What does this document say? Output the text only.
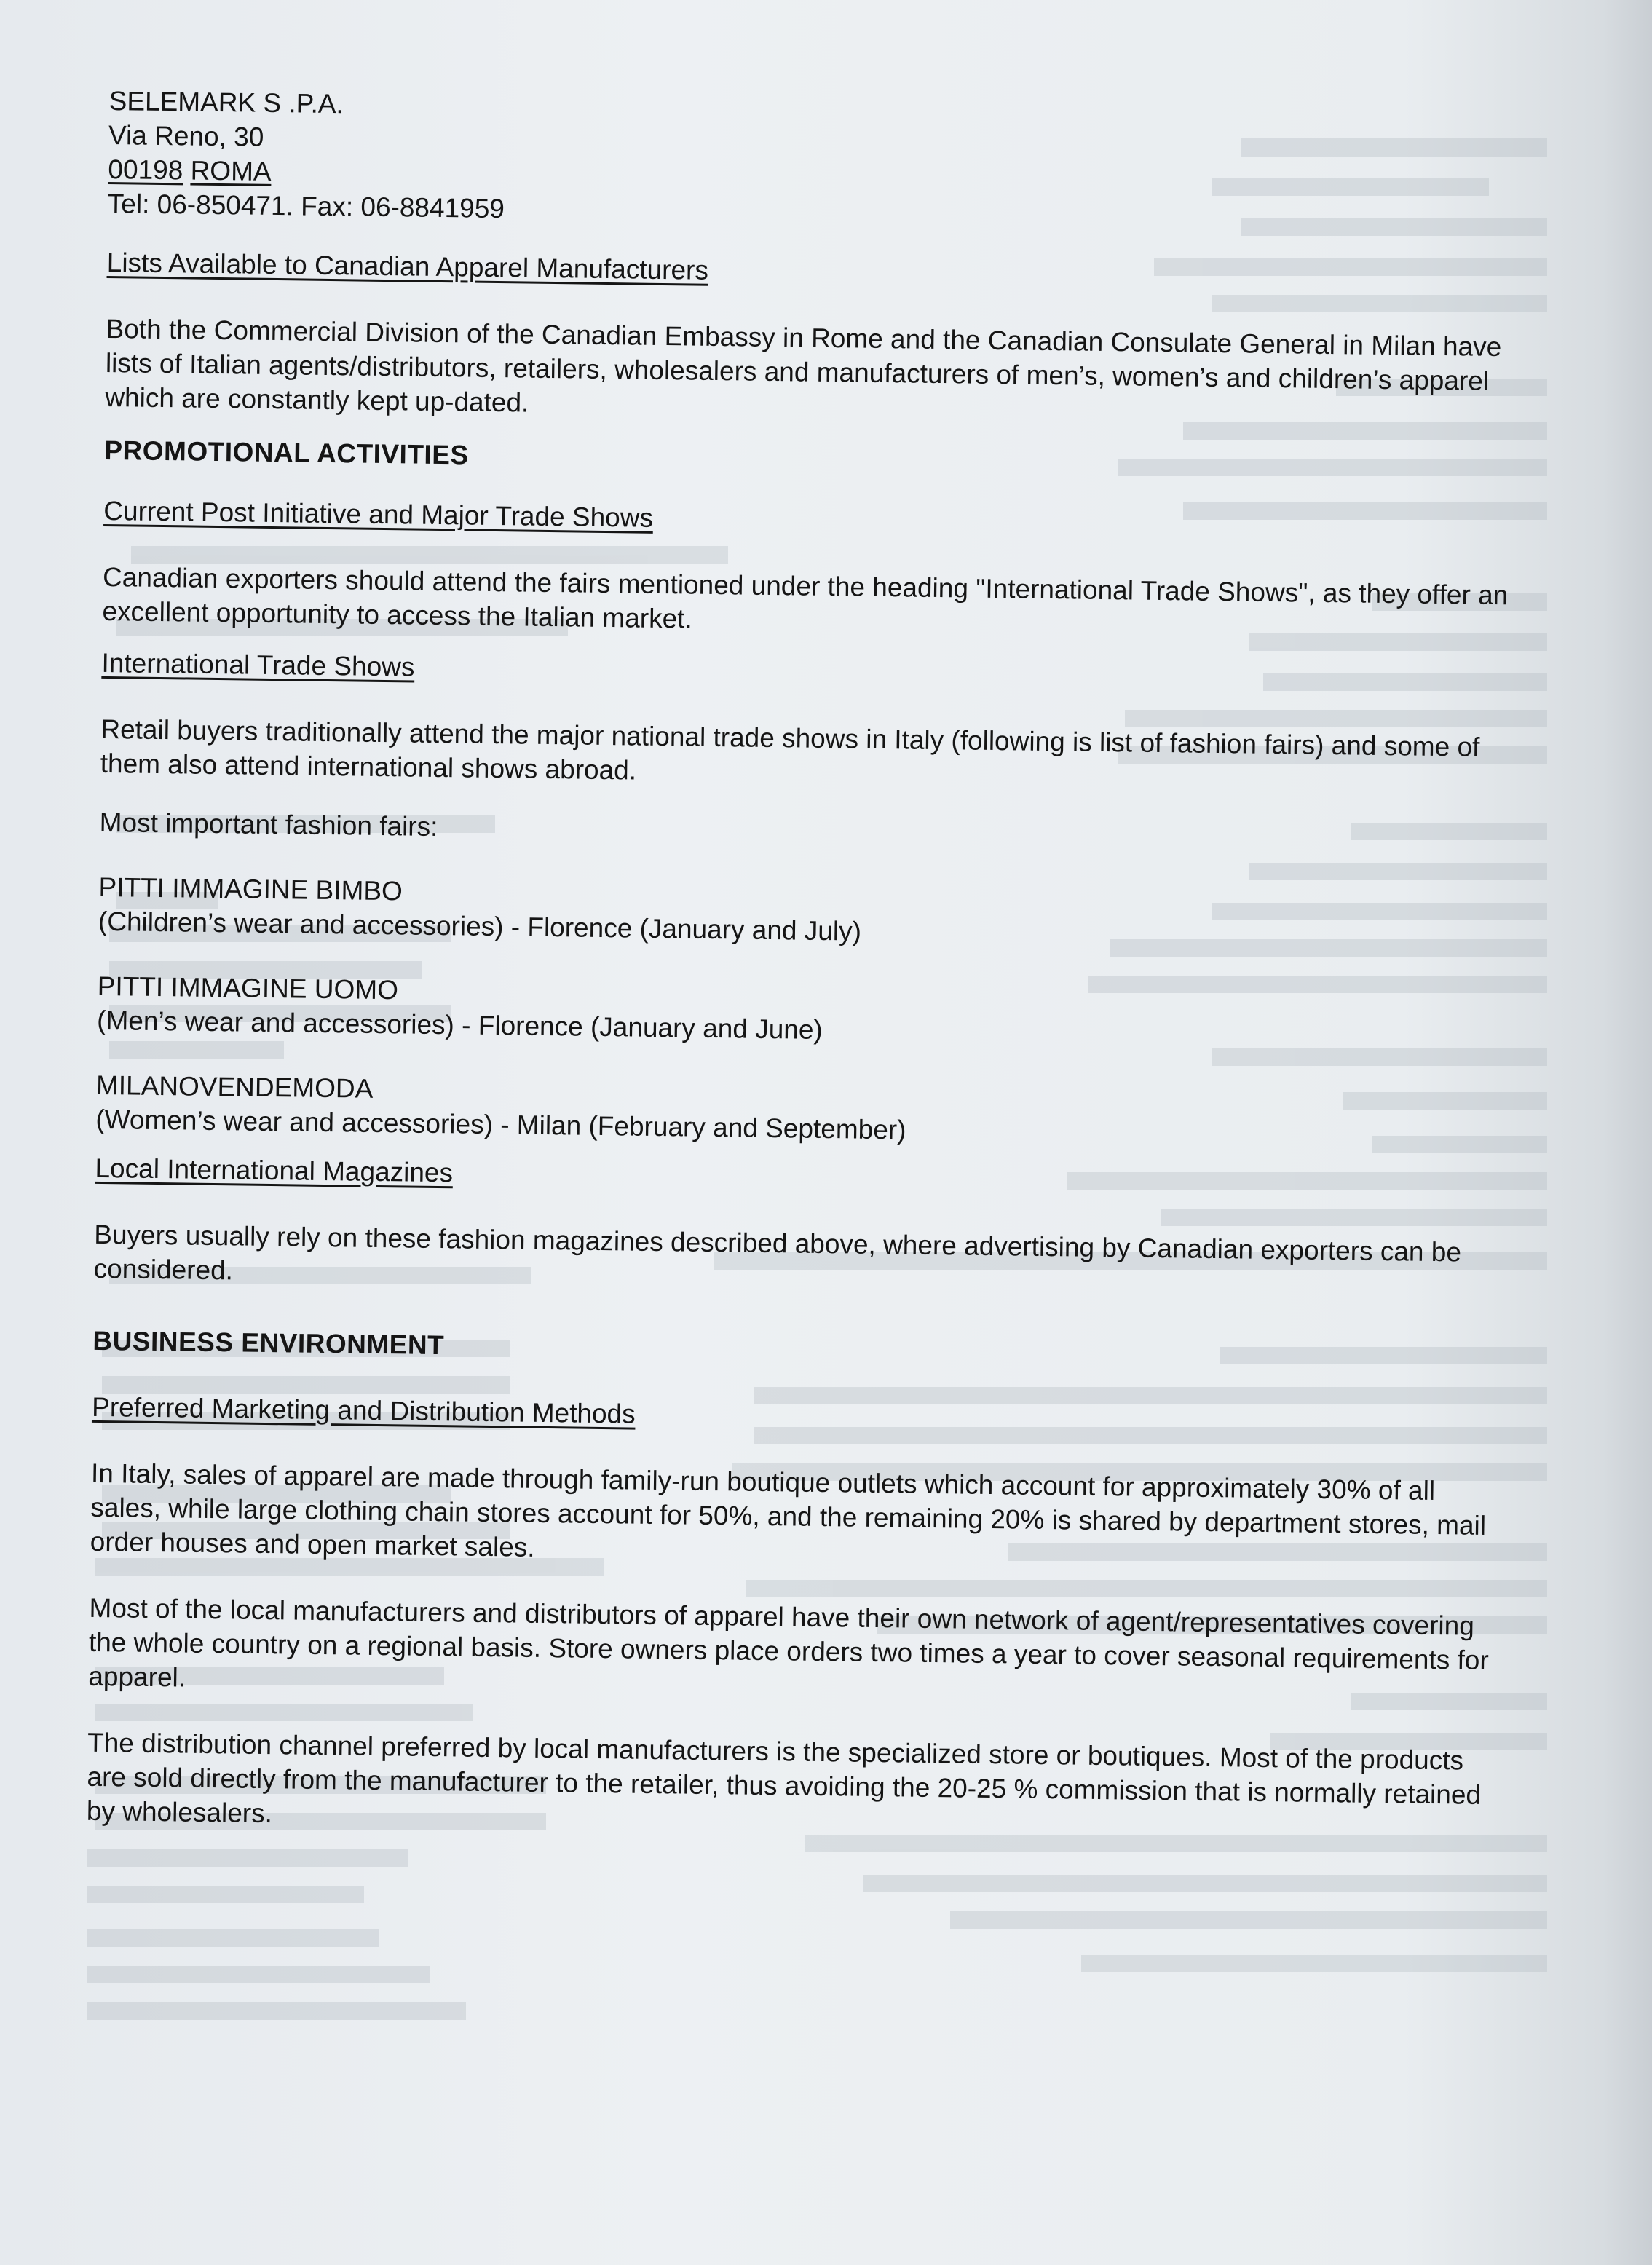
SELEMARK S .P.A.
Via Reno, 30
00198 ROMA
Tel: 06-850471. Fax: 06-8841959
Lists Available to Canadian Apparel Manufacturers
Both the Commercial Division of the Canadian Embassy in Rome and the Canadian Consulate General in Milan have lists of Italian agents/distributors, retailers, wholesalers and manufacturers of men’s, women’s and children’s apparel which are constantly kept up-dated.
PROMOTIONAL ACTIVITIES
Current Post Initiative and Major Trade Shows
Canadian exporters should attend the fairs mentioned under the heading "International Trade Shows", as they offer an excellent opportunity to access the Italian market.
International Trade Shows
Retail buyers traditionally attend the major national trade shows in Italy (following is list of fashion fairs) and some of them also attend international shows abroad.
Most important fashion fairs:
PITTI IMMAGINE BIMBO
(Children’s wear and accessories) - Florence (January and July)
PITTI IMMAGINE UOMO
(Men’s wear and accessories) - Florence (January and June)
MILANOVENDEMODA
(Women’s wear and accessories) - Milan (February and September)
Local International Magazines
Buyers usually rely on these fashion magazines described above, where advertising by Canadian exporters can be considered.
BUSINESS ENVIRONMENT
Preferred Marketing and Distribution Methods
In Italy, sales of apparel are made through family-run boutique outlets which account for approximately 30% of all sales, while large clothing chain stores account for 50%, and the remaining 20% is shared by department stores, mail order houses and open market sales.
Most of the local manufacturers and distributors of apparel have their own network of agent/representatives covering the whole country on a regional basis. Store owners place orders two times a year to cover seasonal requirements for apparel.
The distribution channel preferred by local manufacturers is the specialized store or boutiques. Most of the products are sold directly from the manufacturer to the retailer, thus avoiding the 20-25 % commission that is normally retained by wholesalers.
